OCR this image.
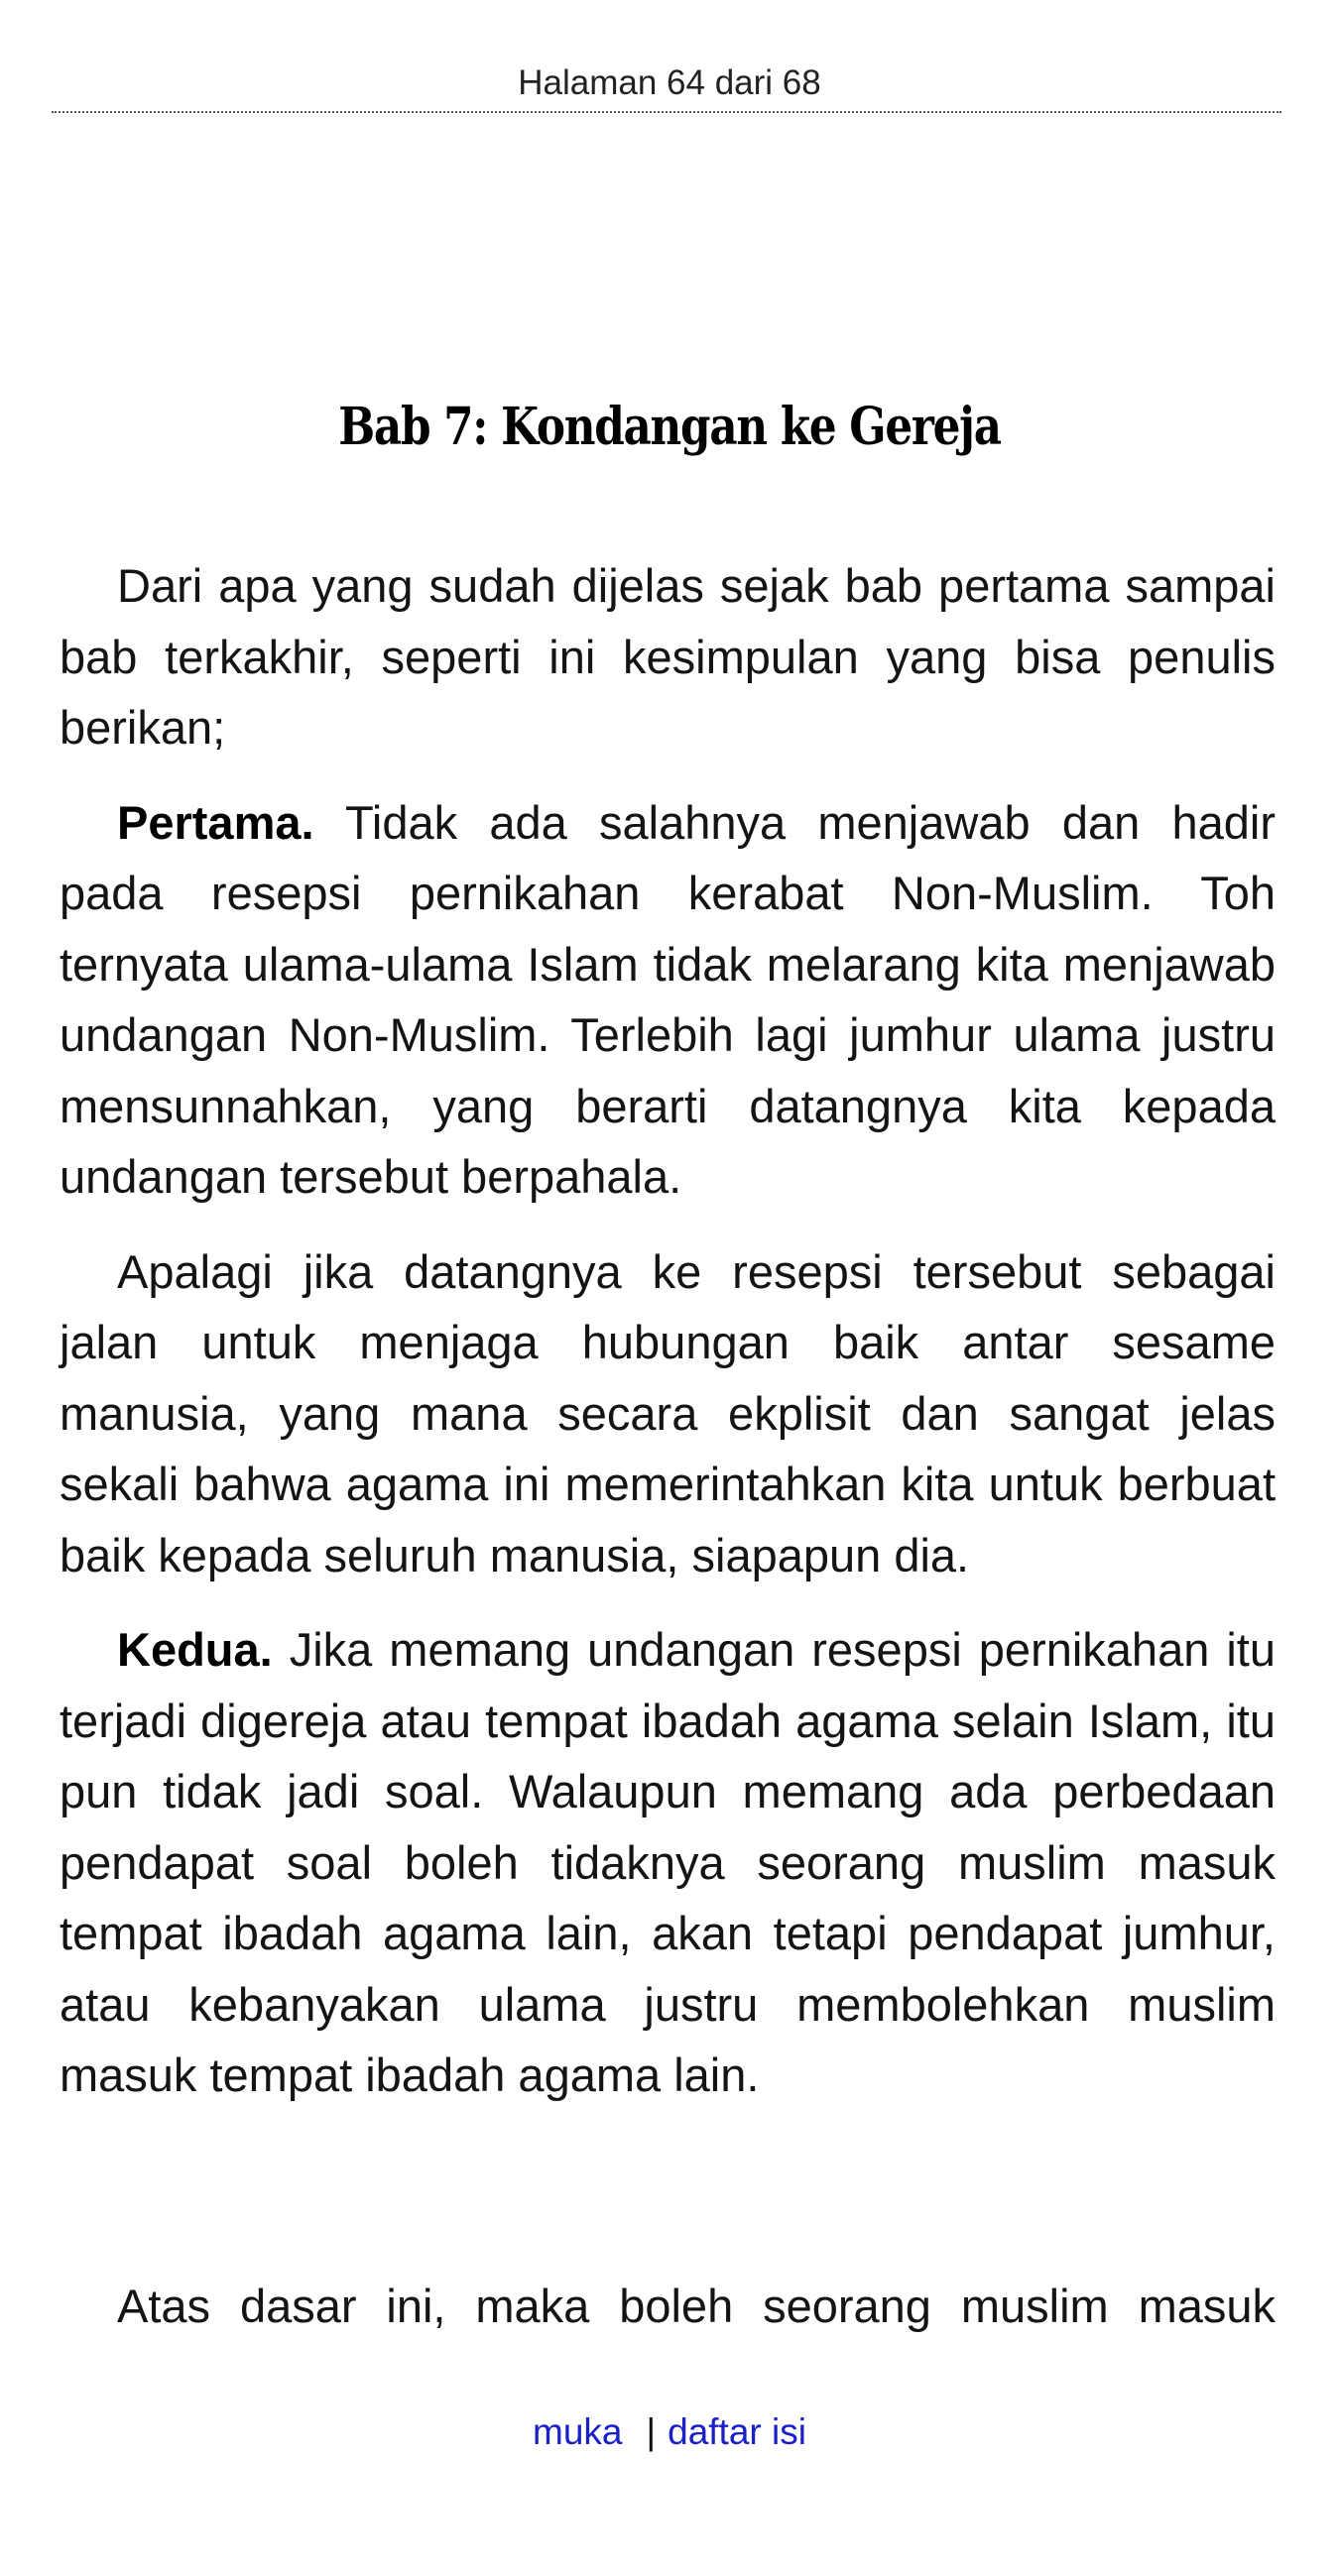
Halaman 64 dari 68
Bab 7: Kondangan ke Gereja

Dari apa yang sudah dijelas sejak bab pertama sampai bab terkakhir, seperti ini kesimpulan yang bisa penulis berikan;

Pertama. Tidak ada salahnya menjawab dan hadir pada resepsi pernikahan kerabat Non-Muslim. Toh ternyata ulama-ulama Islam tidak melarang kita menjawab undangan Non-Muslim. Terlebih lagi jumhur ulama justru mensunnahkan, yang berarti datangnya kita kepada undangan tersebut berpahala.

Apalagi jika datangnya ke resepsi tersebut sebagai jalan untuk menjaga hubungan baik antar sesame manusia, yang mana secara ekplisit dan sangat jelas sekali bahwa agama ini memerintahkan kita untuk berbuat baik kepada seluruh manusia, siapapun dia.

Kedua. Jika memang undangan resepsi pernikahan itu terjadi digereja atau tempat ibadah agama selain Islam, itu pun tidak jadi soal. Walaupun memang ada perbedaan pendapat soal boleh tidaknya seorang muslim masuk tempat ibadah agama lain, akan tetapi pendapat jumhur, atau kebanyakan ulama justru membolehkan muslim masuk tempat ibadah agama lain.

Atas dasar ini, maka boleh seorang muslim masuk

muka | daftar isi
